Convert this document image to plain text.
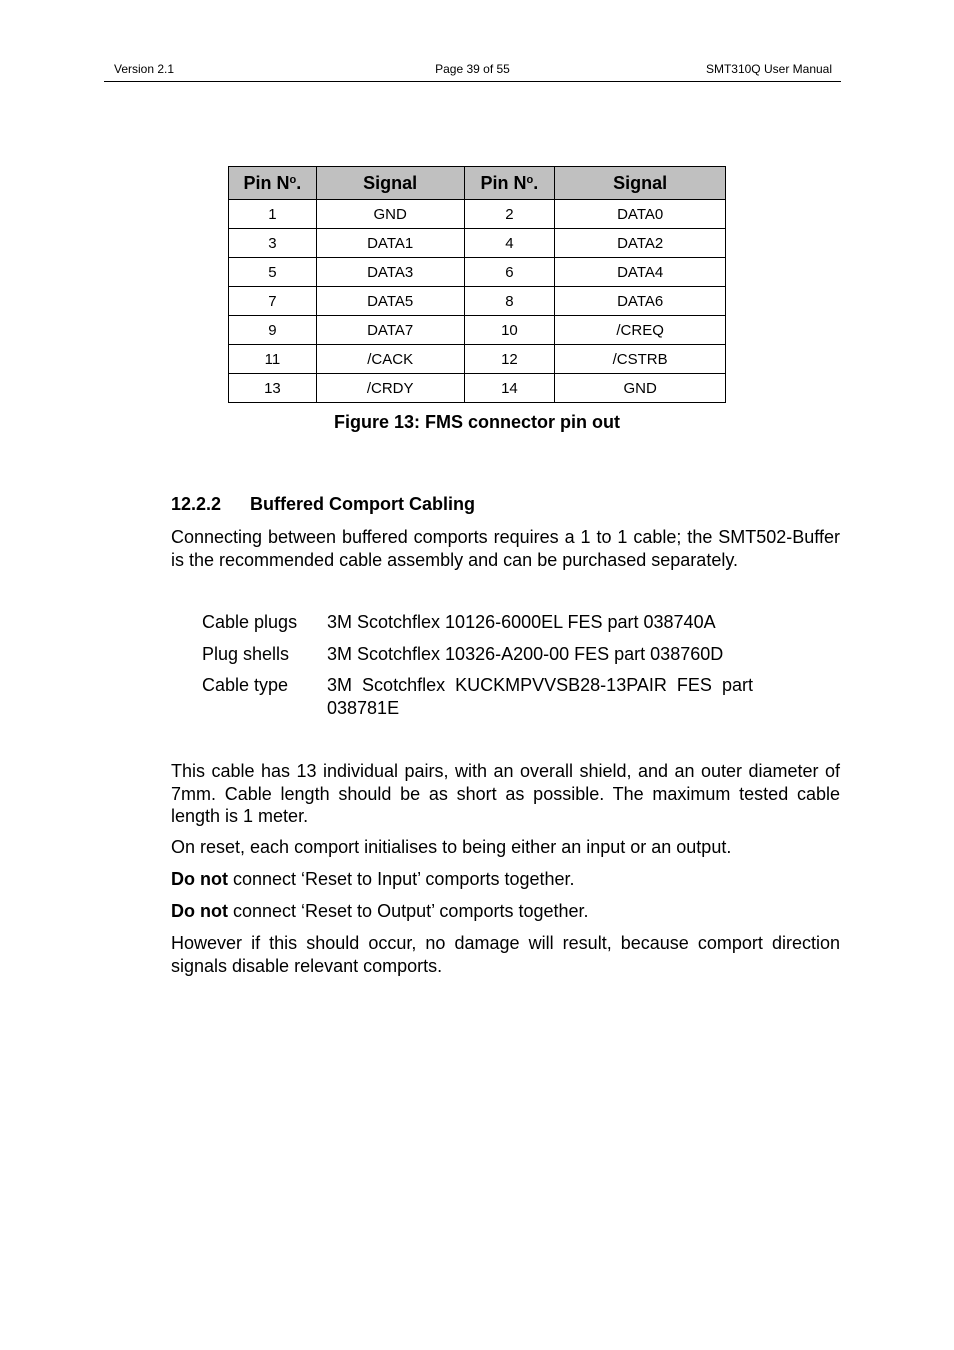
Version 2.1	Page 39 of 55	SMT310Q User Manual
Pin $N^o$.	Signal	Pin $N^o$.	Signal
1	GND	2	DATA0
3	DATA1	4	DATA2
5	DATA3	6	DATA4
7	DATA5	8	DATA6
9	DATA7	10	/CREQ
11	/CACK	12	/CSTRB
13	/CRDY	14	GND
Figure 13: FMS connector pin out
12.2.2 Buffered Comport Cabling
Connecting between buffered comports requires a 1 to 1 cable; the SMT502-Buffer is the recommended cable assembly and can be purchased separately.
Cable plugs	3M Scotchflex 10126-6000EL FES part 038740A
Plug shells	3M Scotchflex 10326-A200-00 FES part 038760D
Cable type	3M Scotchflex KUCKMPVVSB28-13PAIR FES part 038781E
This cable has 13 individual pairs, with an overall shield, and an outer diameter of 7mm. Cable length should be as short as possible. The maximum tested cable length is 1 meter.
On reset, each comport initialises to being either an input or an output.
Do not connect ‘Reset to Input’ comports together.
Do not connect ‘Reset to Output’ comports together.
However if this should occur, no damage will result, because comport direction signals disable relevant comports.
